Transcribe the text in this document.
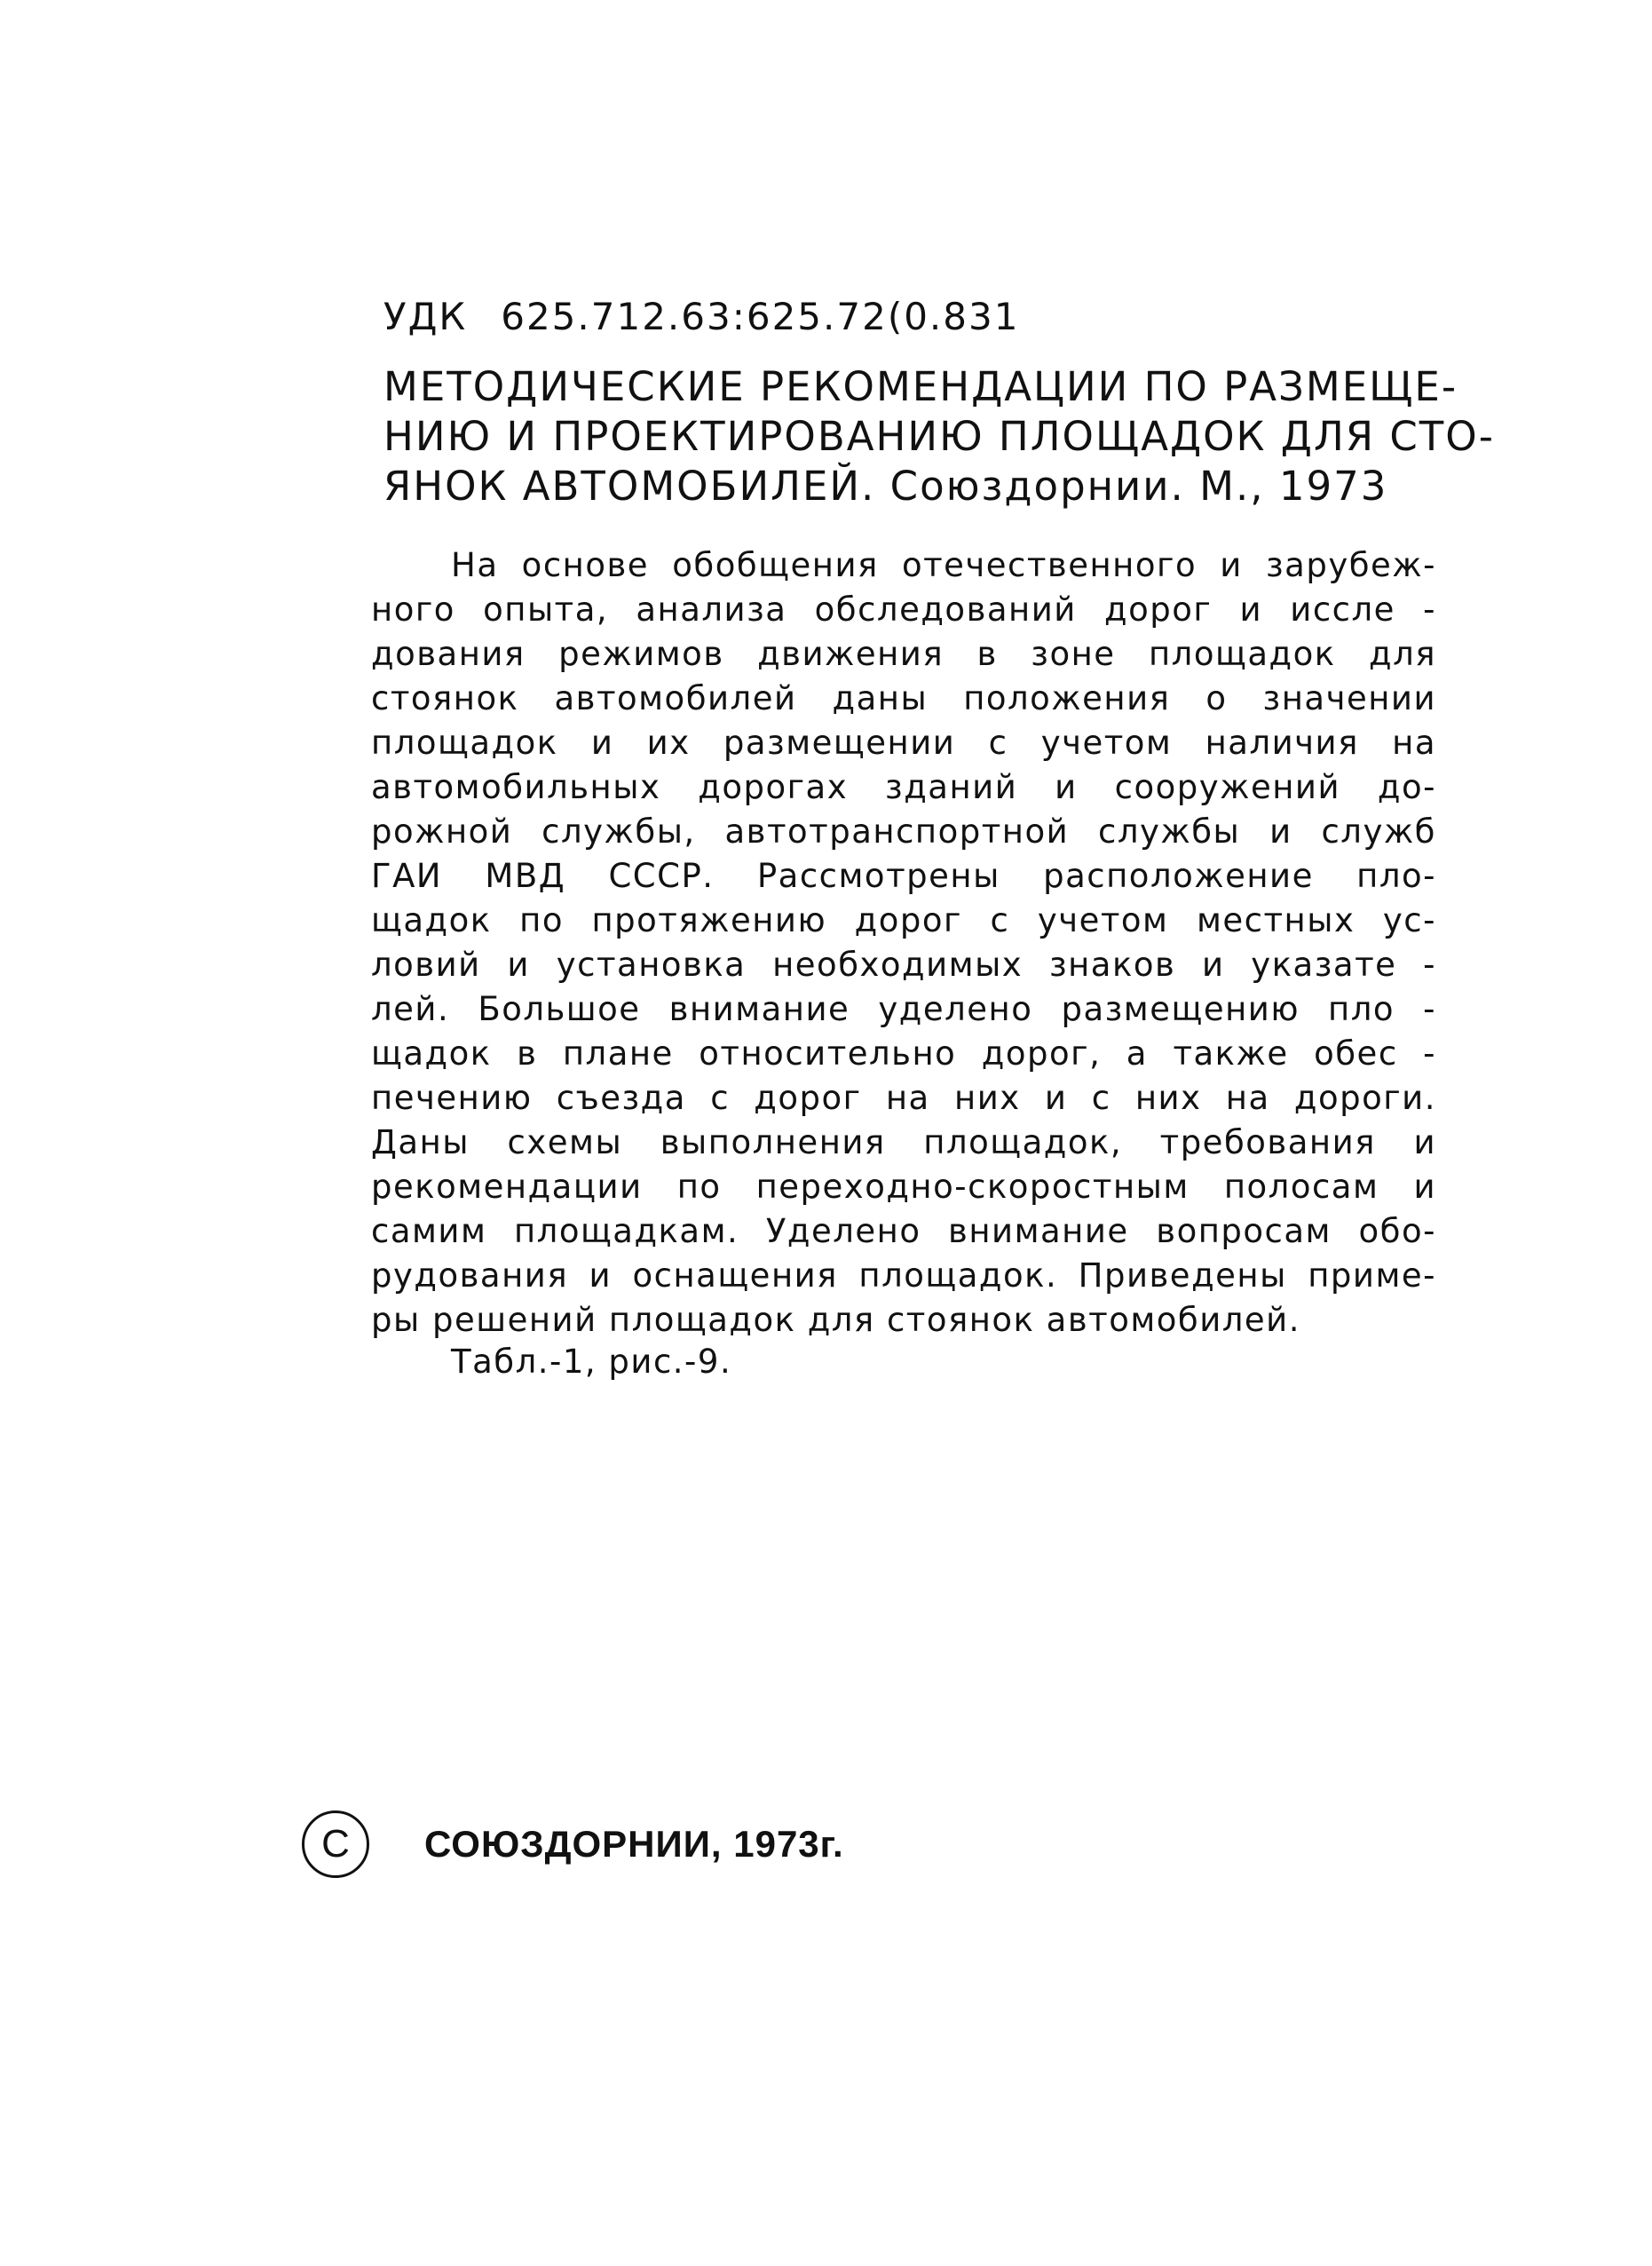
УДК 625.712.63:625.72(0.831
МЕТОДИЧЕСКИЕ РЕКОМЕНДАЦИИ ПО РАЗМЕЩЕ-
НИЮ И ПРОЕКТИРОВАНИЮ ПЛОЩАДОК ДЛЯ СТО-
ЯНОК АВТОМОБИЛЕЙ. Союздорнии. М., 1973
На основе обобщения отечественного и зарубеж-
ного опыта, анализа обследований дорог и иссле -
дования режимов движения в зоне площадок для
стоянок автомобилей даны положения о значении
площадок и их размещении с учетом наличия на
автомобильных дорогах зданий и сооружений до-
рожной службы, автотранспортной службы и служб
ГАИ МВД СССР. Рассмотрены расположение пло-
щадок по протяжению дорог с учетом местных ус-
ловий и установка необходимых знаков и указате -
лей. Большое внимание уделено размещению пло -
щадок в плане относительно дорог, а также обес -
печению съезда с дорог на них и с них на дороги.
Даны схемы выполнения площадок, требования и
рекомендации по переходно-скоростным полосам и
самим площадкам. Уделено внимание вопросам обо-
рудования и оснащения площадок. Приведены приме-
ры решений площадок для стоянок автомобилей.
Табл.-1, рис.-9.
С	СОЮЗДОРНИИ, 1973г.
